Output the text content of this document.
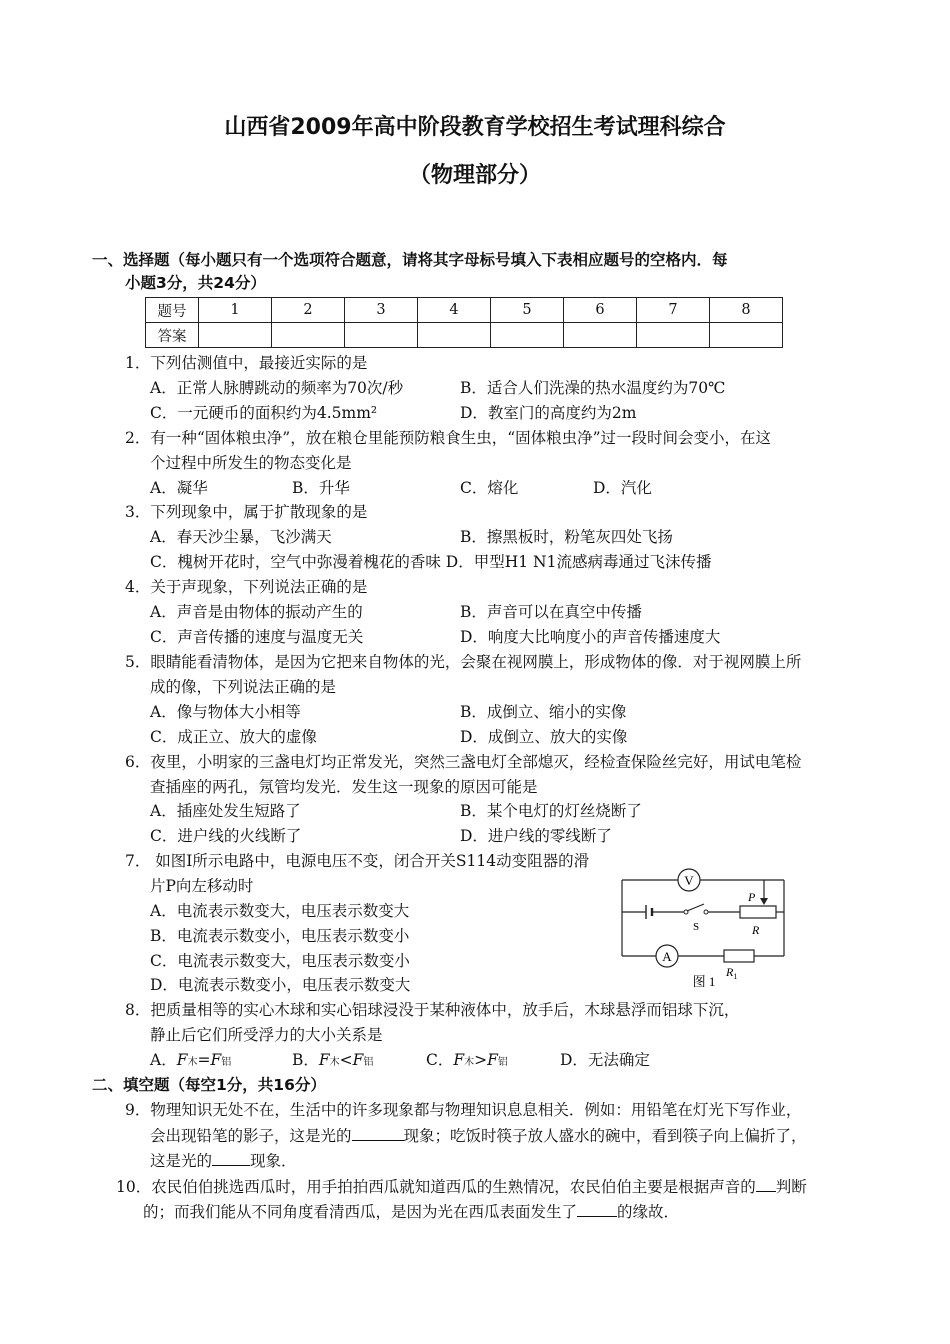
山西省2009年高中阶段教育学校招生考试理科综合
（物理部分）
一、选择题（每小题只有一个选项符合题意，请将其字母标号填入下表相应题号的空格内．每
小题3分，共24分）
题号	1	2	3	4	5	6	7	8
答案								
1．下列估测值中，最接近实际的是
A．正常人脉膊跳动的频率为70次/秒	B．适合人们洗澡的热水温度约为70℃
C．一元硬币的面积约为4.5mm²	D．教室门的高度约为2m
2．有一种“固体粮虫净”，放在粮仓里能预防粮食生虫，“固体粮虫净”过一段时间会变小，在这
个过程中所发生的物态变化是
A．凝华	B．升华	C．熔化	D．汽化
3．下列现象中，属于扩散现象的是
A．春天沙尘暴，飞沙满天	B．擦黑板时，粉笔灰四处飞扬
C．槐树开花时，空气中弥漫着槐花的香味 D．甲型H1 N1流感病毒通过飞沫传播
4．关于声现象，下列说法正确的是
A．声音是由物体的振动产生的	B．声音可以在真空中传播
C．声音传播的速度与温度无关	D．响度大比响度小的声音传播速度大
5．眼睛能看清物体，是因为它把来自物体的光，会聚在视网膜上，形成物体的像．对于视网膜上所
成的像，下列说法正确的是
A．像与物体大小相等	B．成倒立、缩小的实像
C．成正立、放大的虚像	D．成倒立、放大的实像
6．夜里，小明家的三盏电灯均正常发光，突然三盏电灯全部熄灭，经检查保险丝完好，用试电笔检
查插座的两孔，氖管均发光．发生这一现象的原因可能是
A．插座处发生短路了	B．某个电灯的灯丝烧断了
C．进户线的火线断了	D．进户线的零线断了
7． 如图I所示电路中，电源电压不变，闭合开关S114动变阻器的滑
片P向左移动时
A．电流表示数变大，电压表示数变大
B．电流表示数变小，电压表示数变小
C．电流表示数变大，电压表示数变小
D．电流表示数变小，电压表示数变大
V
S
P
R
A
$R_1$
图 1
8．把质量相等的实心木球和实心铝球浸没于某种液体中，放手后，木球悬浮而铝球下沉，
静止后它们所受浮力的大小关系是
A．F木=F铝	B．F木<F铝	C．F木>F铝	D．无法确定
二、填空题（每空1分，共16分）
9．物理知识无处不在，生活中的许多现象都与物理知识息息相关．例如：用铅笔在灯光下写作业，
会出现铅笔的影子，这是光的	现象；吃饭时筷子放人盛水的碗中，看到筷子向上偏折了，
这是光的 现象．
10．农民伯伯挑选西瓜时，用手拍拍西瓜就知道西瓜的生熟情况，农民伯伯主要是根据声音的 判断
的；而我们能从不同角度看清西瓜，是因为光在西瓜表面发生了	的缘故．
